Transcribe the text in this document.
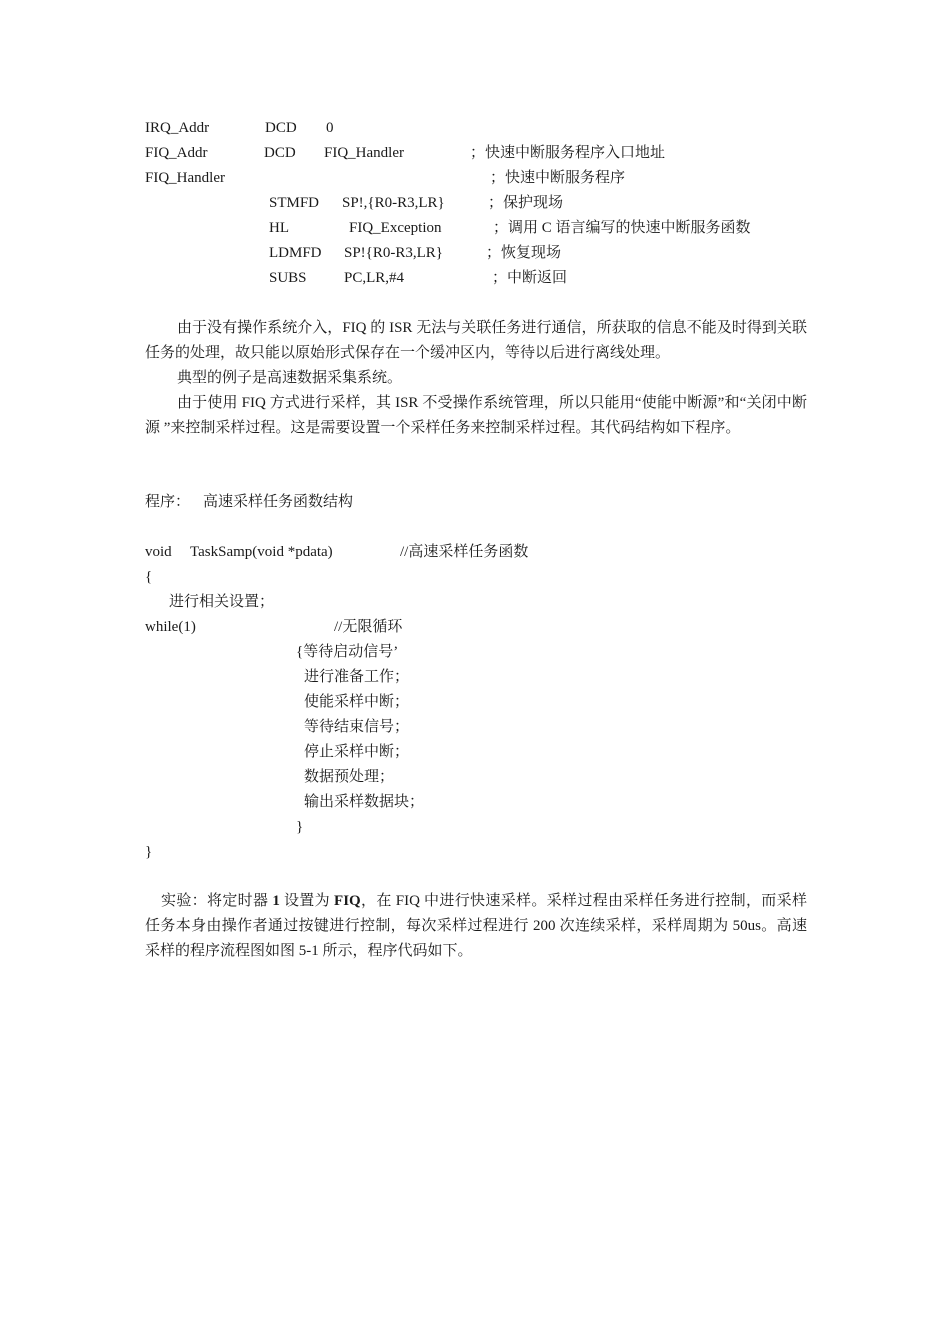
IRQ_Addr	DCD 0
FIQ_Addr	DCD FIQ_Handler	；快速中断服务程序入口地址
FIQ_Handler	；快速中断服务程序
STMFD SP!,{R0-R3,LR}	；保护现场
HL	FIQ_Exception	；调用 C 语言编写的快速中断服务函数
LDMFD SP!{R0-R3,LR}	；恢复现场
SUBS PC,LR,#4	；中断返回
由于没有操作系统介入，FIQ 的 ISR 无法与关联任务进行通信，所获取的信息不能及时得到关联任务的处理，故只能以原始形式保存在一个缓冲区内，等待以后进行离线处理。
典型的例子是高速数据采集系统。
由于使用 FIQ 方式进行采样，其 ISR 不受操作系统管理，所以只能用“使能中断源”和“关闭中断源 ”来控制采样过程。这是需要设置一个采样任务来控制采样过程。其代码结构如下程序。
程序： 高速采样任务函数结构
void TaskSamp(void *pdata)	//高速采样任务函数
{
进行相关设置；
while(1)	//无限循环
{等待启动信号’
进行准备工作；
使能采样中断；
等待结束信号；
停止采样中断；
数据预处理；
输出采样数据块；
}
}
实验：将定时器 1 设置为 FIQ，在 FIQ 中进行快速采样。采样过程由采样任务进行控制，而采样任务本身由操作者通过按键进行控制，每次采样过程进行 200 次连续采样，采样周期为 50us。高速采样的程序流程图如图 5-1 所示，程序代码如下。
